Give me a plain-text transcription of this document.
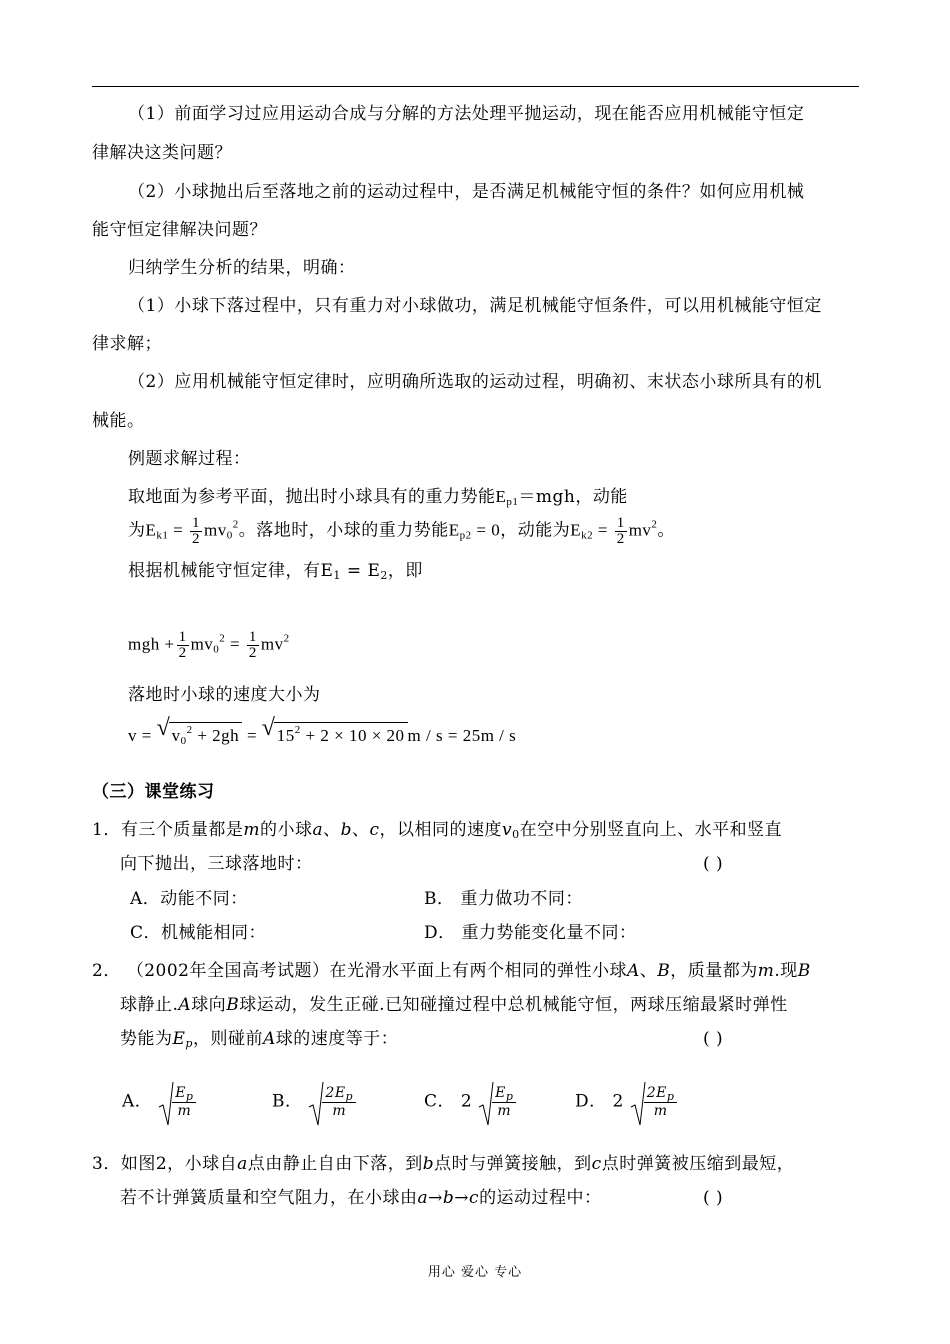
（1）前面学习过应用运动合成与分解的方法处理平抛运动，现在能否应用机械能守恒定
律解决这类问题？
（2）小球抛出后至落地之前的运动过程中，是否满足机械能守恒的条件？如何应用机械
能守恒定律解决问题？
归纳学生分析的结果，明确：
（1）小球下落过程中，只有重力对小球做功，满足机械能守恒条件，可以用机械能守恒定
律求解；
（2）应用机械能守恒定律时，应明确所选取的运动过程，明确初、末状态小球所具有的机
械能。
例题求解过程：
取地面为参考平面，抛出时小球具有的重力势能$E_{p1}=mgh$，动能
为$E_{k1} = \frac{1}{2} mv_0^2$。落地时，小球的重力势能$E_{p2} = 0$，动能为$E_{k2} = \frac{1}{2} mv^2$。
根据机械能守恒定律，有$E_1 = E_2$，即
mgh + $\frac{1}{2} mv_0^2 = \frac{1}{2} mv^2$
落地时小球的速度大小为
v = √ $v_0^2 + 2gh$ = √ $15^2 + 2 \times 10 \times 20$ m / s = 25m / s
（三）课堂练习
1．有三个质量都是m的小球a、b、c，以相同的速度$v_0$在空中分别竖直向上、水平和竖直
向下抛出，三球落地时：	( )
A．动能不同：	B． 重力做功不同：
C．机械能相同：	D． 重力势能变化量不同：
2． （2002年全国高考试题）在光滑水平面上有两个相同的弹性小球A、B，质量都为m.现B
球静止.A球向B球运动，发生正碰.已知碰撞过程中总机械能守恒，两球压缩最紧时弹性
势能为$E_p$，则碰前A球的速度等于：	( )
A． $\frac{E_p}{m}$	B． $\frac{2E_p}{m}$	C． $2 \frac{E_p}{m}$	D． $2 \frac{2E_p}{m}$
3．如图2，小球自a点由静止自由下落，到b点时与弹簧接触，到c点时弹簧被压缩到最短，
若不计弹簧质量和空气阻力，在小球由a→b→c的运动过程中：	( )
用心 爱心 专心
